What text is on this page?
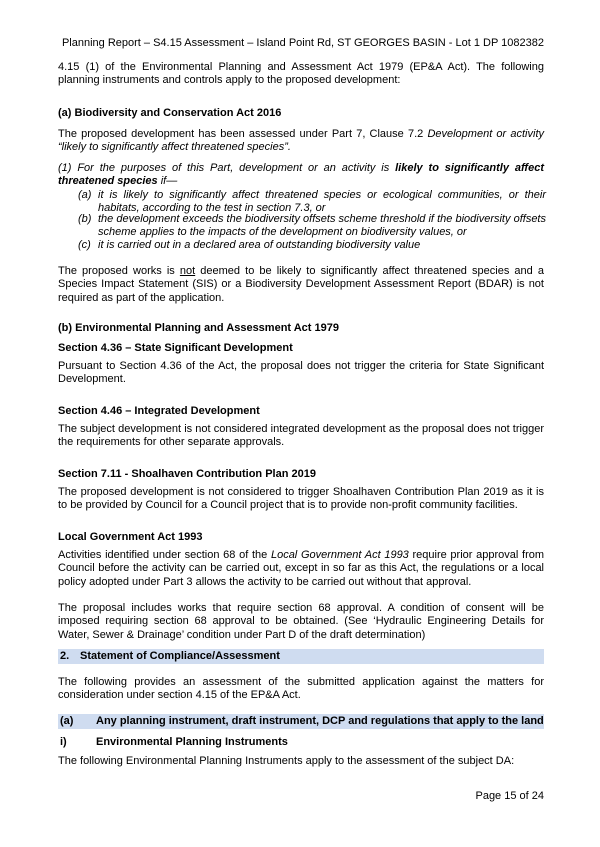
Planning Report – S4.15 Assessment – Island Point Rd, ST GEORGES BASIN - Lot 1 DP 1082382

4.15 (1) of the Environmental Planning and Assessment Act 1979 (EP&A Act). The following planning instruments and controls apply to the proposed development:

(a) Biodiversity and Conservation Act 2016

The proposed development has been assessed under Part 7, Clause 7.2 Development or activity “likely to significantly affect threatened species”.

(1) For the purposes of this Part, development or an activity is likely to significantly affect threatened species if—

(a) it is likely to significantly affect threatened species or ecological communities, or their habitats, according to the test in section 7.3, or
(b) the development exceeds the biodiversity offsets scheme threshold if the biodiversity offsets scheme applies to the impacts of the development on biodiversity values, or
(c) it is carried out in a declared area of outstanding biodiversity value

The proposed works is not deemed to be likely to significantly affect threatened species and a Species Impact Statement (SIS) or a Biodiversity Development Assessment Report (BDAR) is not required as part of the application.

(b) Environmental Planning and Assessment Act 1979

Section 4.36 – State Significant Development

Pursuant to Section 4.36 of the Act, the proposal does not trigger the criteria for State Significant Development.

Section 4.46 – Integrated Development

The subject development is not considered integrated development as the proposal does not trigger the requirements for other separate approvals.

Section 7.11 - Shoalhaven Contribution Plan 2019

The proposed development is not considered to trigger Shoalhaven Contribution Plan 2019 as it is to be provided by Council for a Council project that is to provide non-profit community facilities.

Local Government Act 1993

Activities identified under section 68 of the Local Government Act 1993 require prior approval from Council before the activity can be carried out, except in so far as this Act, the regulations or a local policy adopted under Part 3 allows the activity to be carried out without that approval.

The proposal includes works that require section 68 approval. A condition of consent will be imposed requiring section 68 approval to be obtained. (See ‘Hydraulic Engineering Details for Water, Sewer & Drainage’ condition under Part D of the draft determination)

2. Statement of Compliance/Assessment

The following provides an assessment of the submitted application against the matters for consideration under section 4.15 of the EP&A Act.

(a) Any planning instrument, draft instrument, DCP and regulations that apply to the land
i)	Environmental Planning Instruments

The following Environmental Planning Instruments apply to the assessment of the subject DA:

Page 15 of 24
